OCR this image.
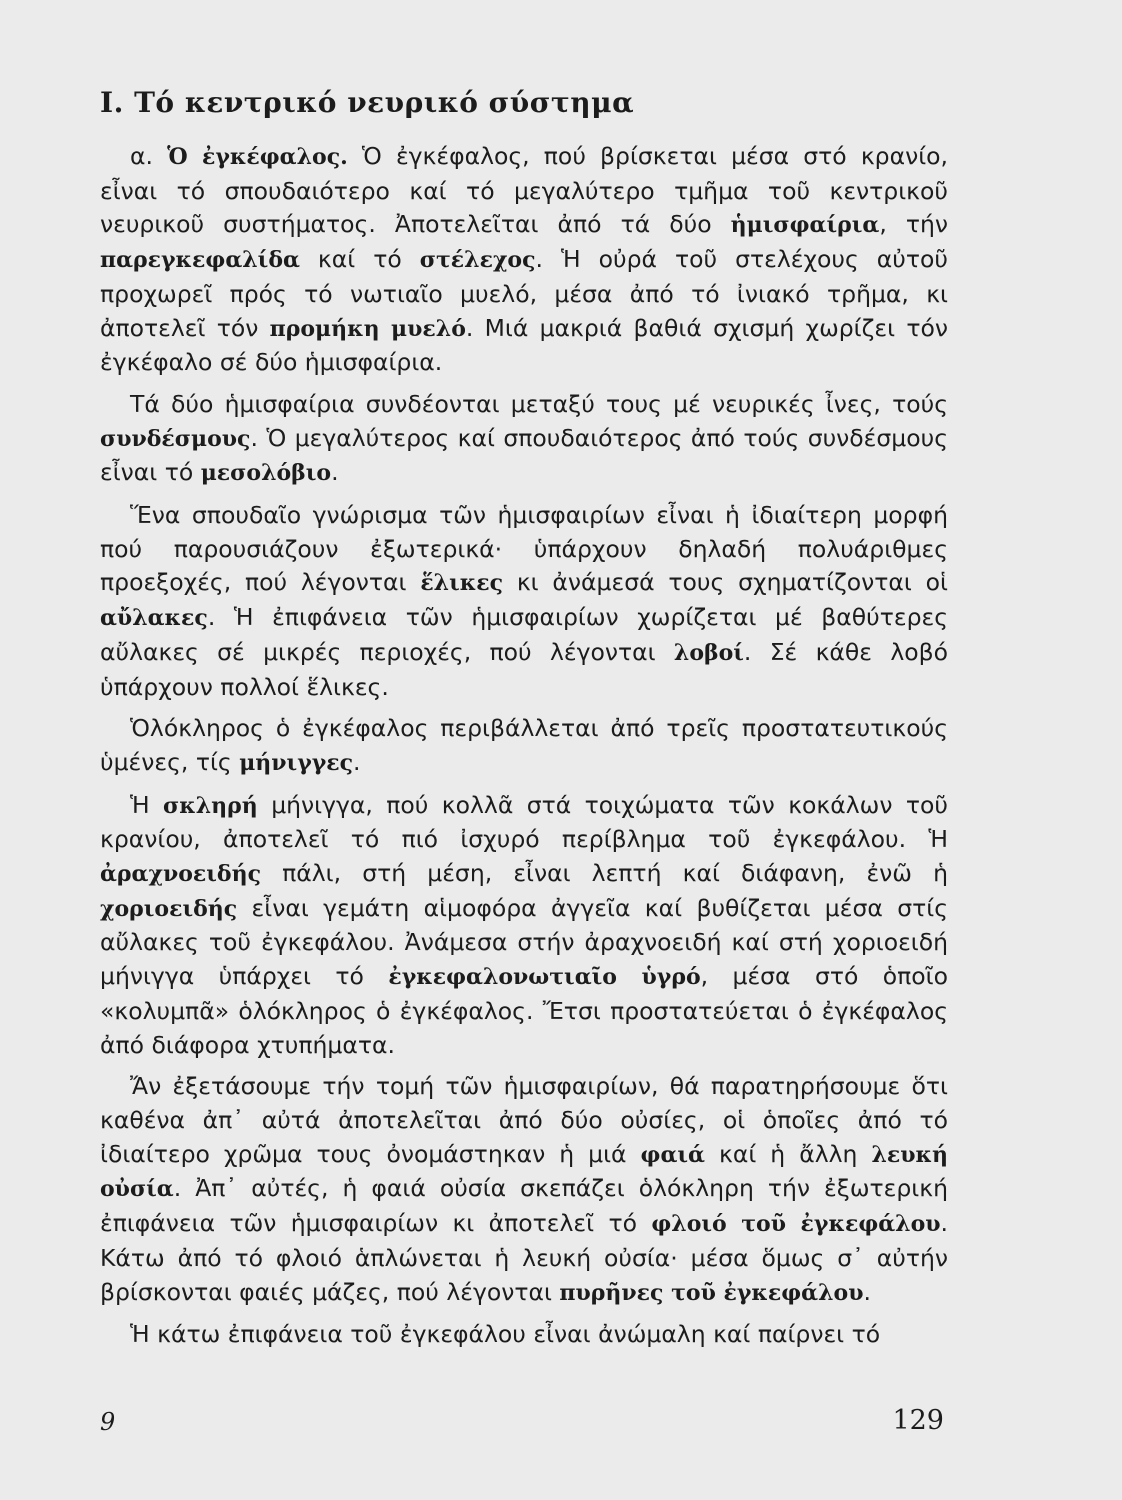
Ι. Τό κεντρικό νευρικό σύστημα

α. Ὁ ἐγκέφαλος. Ὁ ἐγκέφαλος, πού βρίσκεται μέσα στό κρανίο, εἶναι τό σπουδαιότερο καί τό μεγαλύτερο τμῆμα τοῦ κεντρικοῦ νευρικοῦ συστήματος. Ἀποτελεῖται ἀπό τά δύο ἡμισφαίρια, τήν παρεγκεφαλίδα καί τό στέλεχος. Ἡ οὐρά τοῦ στελέχους αὐτοῦ προχωρεῖ πρός τό νωτιαῖο μυελό, μέσα ἀπό τό ἰνιακό τρῆμα, κι ἀποτελεῖ τόν προμήκη μυελό. Μιά μακριά βαθιά σχισμή χωρίζει τόν ἐγκέφαλο σέ δύο ἡμισφαίρια.

Τά δύο ἡμισφαίρια συνδέονται μεταξύ τους μέ νευρικές ἶνες, τούς συνδέσμους. Ὁ μεγαλύτερος καί σπουδαιότερος ἀπό τούς συνδέσμους εἶναι τό μεσολόβιο.

Ἕνα σπουδαῖο γνώρισμα τῶν ἡμισφαιρίων εἶναι ἡ ἰδιαίτερη μορφή πού παρουσιάζουν ἐξωτερικά· ὑπάρχουν δηλαδή πολυάριθμες προεξοχές, πού λέγονται ἕλικες κι ἀνάμεσά τους σχηματίζονται οἱ αὔλακες. Ἡ ἐπιφάνεια τῶν ἡμισφαιρίων χωρίζεται μέ βαθύτερες αὔλακες σέ μικρές περιοχές, πού λέγονται λοβοί. Σέ κάθε λοβό ὑπάρχουν πολλοί ἕλικες.

Ὁλόκληρος ὁ ἐγκέφαλος περιβάλλεται ἀπό τρεῖς προστατευτικούς ὑμένες, τίς μήνιγγες.

Ἡ σκληρή μήνιγγα, πού κολλᾶ στά τοιχώματα τῶν κοκάλων τοῦ κρανίου, ἀποτελεῖ τό πιό ἰσχυρό περίβλημα τοῦ ἐγκεφάλου. Ἡ ἀραχνοειδής πάλι, στή μέση, εἶναι λεπτή καί διάφανη, ἐνῶ ἡ χοριοειδής εἶναι γεμάτη αἱμοφόρα ἀγγεῖα καί βυθίζεται μέσα στίς αὔλακες τοῦ ἐγκεφάλου. Ἀνάμεσα στήν ἀραχνοειδή καί στή χοριοειδή μήνιγγα ὑπάρχει τό ἐγκεφαλονωτιαῖο ὑγρό, μέσα στό ὁποῖο «κολυμπᾶ» ὁλόκληρος ὁ ἐγκέφαλος. Ἔτσι προστατεύεται ὁ ἐγκέφαλος ἀπό διάφορα χτυπήματα.

Ἄν ἐξετάσουμε τήν τομή τῶν ἡμισφαιρίων, θά παρατηρήσουμε ὅτι καθένα ἀπ᾿ αὐτά ἀποτελεῖται ἀπό δύο οὐσίες, οἱ ὁποῖες ἀπό τό ἰδιαίτερο χρῶμα τους ὀνομάστηκαν ἡ μιά φαιά καί ἡ ἄλλη λευκή οὐσία. Ἀπ᾿ αὐτές, ἡ φαιά οὐσία σκεπάζει ὁλόκληρη τήν ἐξωτερική ἐπιφάνεια τῶν ἡμισφαιρίων κι ἀποτελεῖ τό φλοιό τοῦ ἐγκεφάλου. Κάτω ἀπό τό φλοιό ἁπλώνεται ἡ λευκή οὐσία· μέσα ὅμως σ᾿ αὐτήν βρίσκονται φαιές μάζες, πού λέγονται πυρῆνες τοῦ ἐγκεφάλου.

Ἡ κάτω ἐπιφάνεια τοῦ ἐγκεφάλου εἶναι ἀνώμαλη καί παίρνει τό

9	129
